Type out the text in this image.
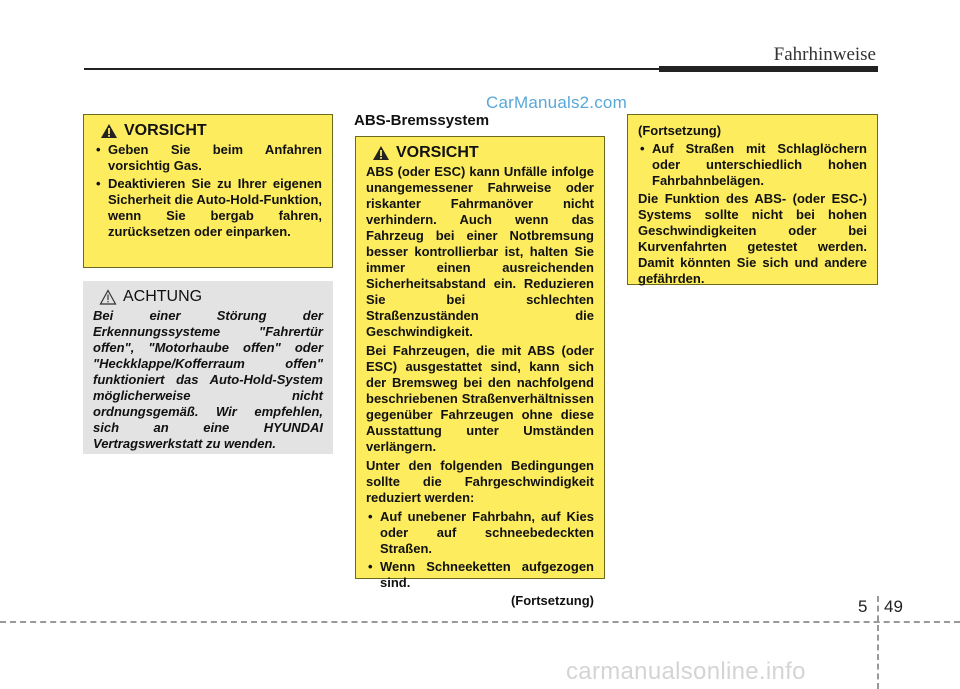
Fahrhinweise
CarManuals2.com
VORSICHT
• Geben Sie beim Anfahren vorsichtig Gas.
• Deaktivieren Sie zu Ihrer eigenen Sicherheit die Auto-Hold-Funktion, wenn Sie bergab fahren, zurücksetzen oder einparken.
ACHTUNG

Bei einer Störung der Erkennungssysteme "Fahrertür offen", "Motorhaube offen" oder "Heckklappe/Kofferraum offen" funktioniert das Auto-Hold-System möglicherweise nicht ordnungsgemäß. Wir empfehlen, sich an eine HYUNDAI Vertragswerkstatt zu wenden.

ABS-Bremssystem
VORSICHT

ABS (oder ESC) kann Unfälle infolge unangemessener Fahrweise oder riskanter Fahrmanöver nicht verhindern. Auch wenn das Fahrzeug bei einer Notbremsung besser kontrollierbar ist, halten Sie immer einen ausreichenden Sicherheitsabstand ein. Reduzieren Sie bei schlechten Straßenzuständen die Geschwindigkeit.

Bei Fahrzeugen, die mit ABS (oder ESC) ausgestattet sind, kann sich der Bremsweg bei den nachfolgend beschriebenen Straßenverhältnissen gegenüber Fahrzeugen ohne diese Ausstattung unter Umständen verlängern.

Unter den folgenden Bedingungen sollte die Fahrgeschwindigkeit reduziert werden:

• Auf unebener Fahrbahn, auf Kies oder auf schneebedeckten Straßen.
• Wenn Schneeketten aufgezogen sind.
(Fortsetzung)
(Fortsetzung)
• Auf Straßen mit Schlaglöchern oder unterschiedlich hohen Fahrbahnbelägen.

Die Funktion des ABS- (oder ESC-) Systems sollte nicht bei hohen Geschwindigkeiten oder bei Kurvenfahrten getestet werden. Damit könnten Sie sich und andere gefährden.

5 49
carmanualsonline.info
